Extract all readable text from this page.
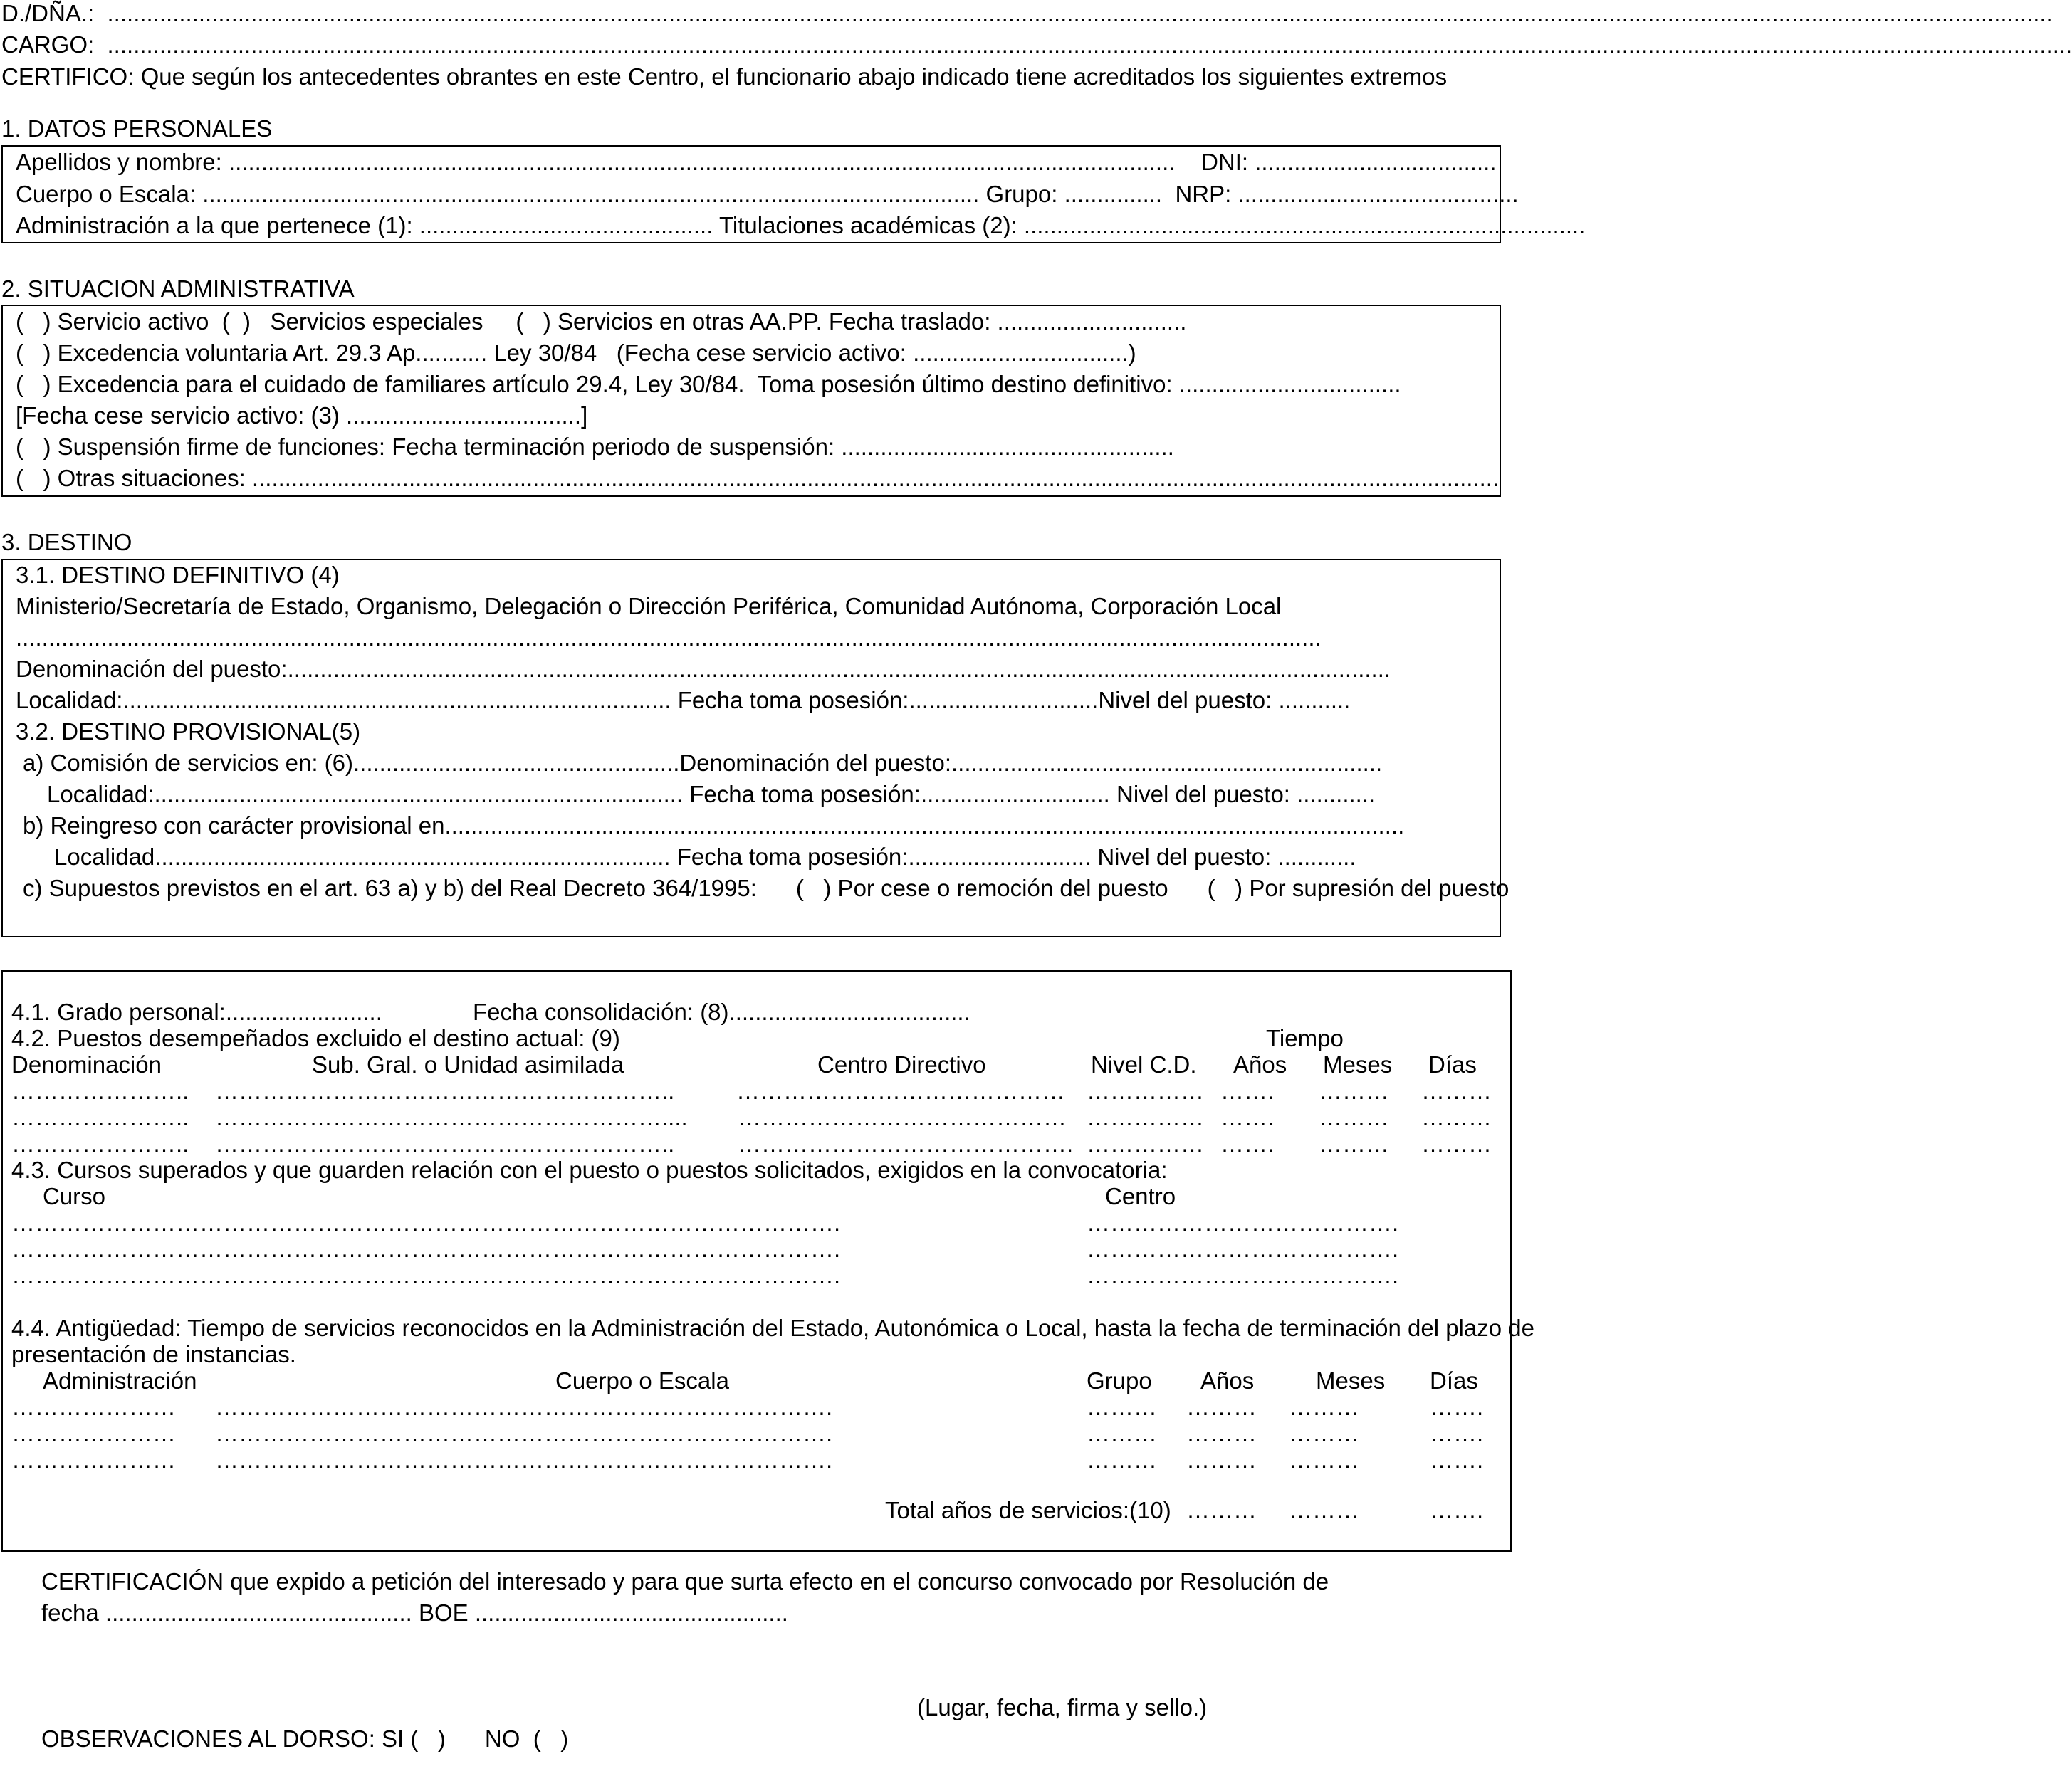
D./DÑA.:  ..........................................................................................................................................................................................................................................................................................................
CARGO:  .............................................................................................................................................................................................................................................................................................................
CERTIFICO: Que según los antecedentes obrantes en este Centro, el funcionario abajo indicado tiene acreditados los siguientes extremos
1. DATOS PERSONALES
Apellidos y nombre: .................................................................................................................................................    DNI: .....................................
Cuerpo o Escala: ....................................................................................................................... Grupo: ...............  NRP: ...........................................
Administración a la que pertenece (1): ............................................. Titulaciones académicas (2): ......................................................................................
2. SITUACION ADMINISTRATIVA
(   ) Servicio activo  (  )   Servicios especiales     (   ) Servicios en otras AA.PP. Fecha traslado: .............................
(   ) Excedencia voluntaria Art. 29.3 Ap........... Ley 30/84   (Fecha cese servicio activo: .................................)
(   ) Excedencia para el cuidado de familiares artículo 29.4, Ley 30/84.  Toma posesión último destino definitivo: ..................................
[Fecha cese servicio activo: (3) ....................................]
(   ) Suspensión firme de funciones: Fecha terminación periodo de suspensión: ...................................................
(   ) Otras situaciones: ...............................................................................................................................................................................................
3. DESTINO
3.1. DESTINO DEFINITIVO (4)
Ministerio/Secretaría de Estado, Organismo, Delegación o Dirección Periférica, Comunidad Autónoma, Corporación Local
........................................................................................................................................................................................................
Denominación del puesto:.........................................................................................................................................................................
Localidad:.................................................................................... Fecha toma posesión:.............................Nivel del puesto: ...........
3.2. DESTINO PROVISIONAL(5)
a) Comisión de servicios en: (6)..................................................Denominación del puesto:..................................................................
Localidad:................................................................................. Fecha toma posesión:............................. Nivel del puesto: ............
b) Reingreso con carácter provisional en...................................................................................................................................................
Localidad............................................................................... Fecha toma posesión:............................ Nivel del puesto: ............
c) Supuestos previstos en el art. 63 a) y b) del Real Decreto 364/1995:      (   ) Por cese o remoción del puesto      (   ) Por supresión del puesto
4.1. Grado personal:........................	Fecha consolidación: (8).....................................
4.2. Puestos desempeñados excluido el destino actual: (9)	Tiempo
Denominación	Sub. Gral. o Unidad asimilada	Centro Directivo	Nivel C.D. Años Meses Días
………………….. …………………………………………………..	…………………………………… …………… ……. ……… ………
………………….. ………………………………………………….... …………………………………… …………… ……. ……… ………
………………….. …………………………………………………..	……………………………………. …………… ……. ……… ………
4.3. Cursos superados y que guarden relación con el puesto o puestos solicitados, exigidos en la convocatoria:
Curso	Centro
…………………………………………………………………………………………….	………………………………….
…………………………………………………………………………………………….	………………………………….
…………………………………………………………………………………………….	………………………………….
4.4. Antigüedad: Tiempo de servicios reconocidos en la Administración del Estado, Autonómica o Local, hasta la fecha de terminación del plazo de
presentación de instancias.
Administración	Cuerpo o Escala	Grupo Años	Meses Días
………………… …………………………………………………………………….	……… ……… ………	…….
………………… …………………………………………………………………….	……… ……… ………	…….
………………… …………………………………………………………………….	……… ……… ………	…….
Total años de servicios:(10) ……… ………	…….
CERTIFICACIÓN que expido a petición del interesado y para que surta efecto en el concurso convocado por Resolución de
fecha ............................................... BOE ................................................
(Lugar, fecha, firma y sello.)
OBSERVACIONES AL DORSO: SI (   )      NO  (   )
